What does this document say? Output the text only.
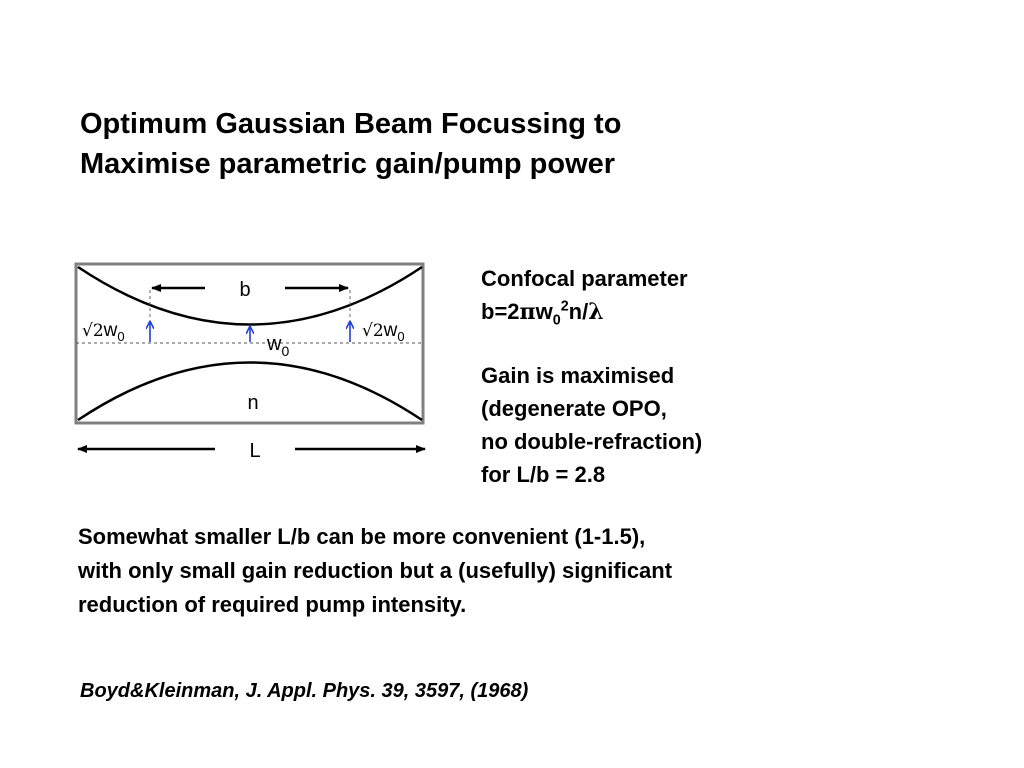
Optimum Gaussian Beam Focussing to
Maximise parametric gain/pump power
b
$√2w_0$	$√2w_0$
$w_0$
n
L
Confocal parameter
$b=2\pi w_0^2n/\lambda$
Gain is maximised
(degenerate OPO,
no double-refraction)
for L/b = 2.8
Somewhat smaller L/b can be more convenient (1-1.5),
with only small gain reduction but a (usefully) significant
reduction of required pump intensity.
Boyd&Kleinman, J. Appl. Phys. 39, 3597, (1968)
